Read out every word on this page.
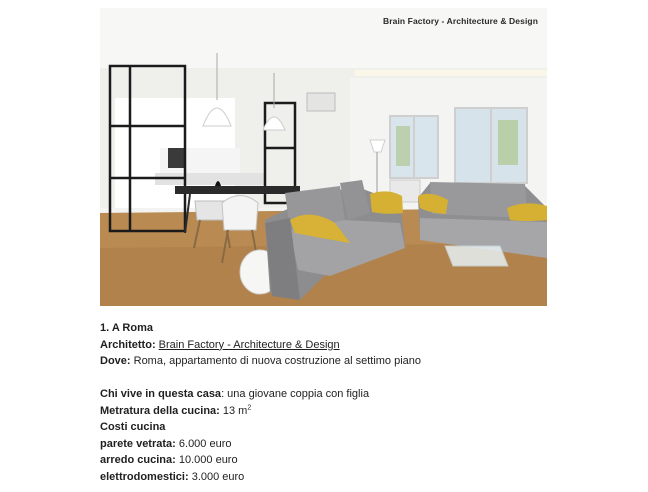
Brain Factory - Architecture & Design
1. A Roma
Architetto: Brain Factory - Architecture & Design
Dove: Roma, appartamento di nuova costruzione al settimo piano
Chi vive in questa casa: una giovane coppia con figlia
Metratura della cucina: 13 $m^2$
Costi cucina
parete vetrata: 6.000 euro
arredo cucina: 10.000 euro
elettrodomestici: 3.000 euro
